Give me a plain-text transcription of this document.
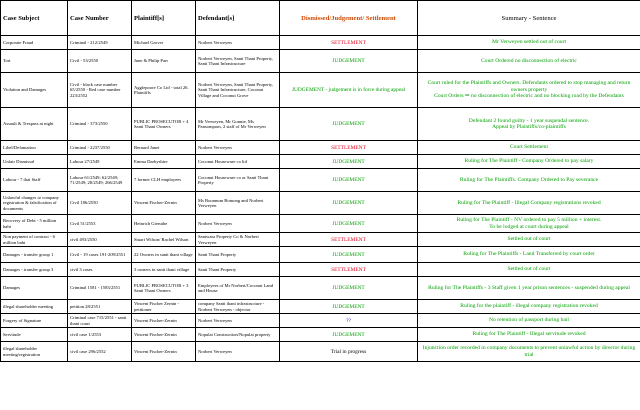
Case Subject	Case Number	Plaintiff[s]	Defendant[s]	Dismissed/Judgement/ Settlement	Summary - Sentence
Corporate Fraud	Criminal - 212/2549	Michael Grover	Norbert Verweyen	SETTLEMENT	Mr Verweyen settled out of court
Tort	Civil - 53/2550	June & Philip Parr	Norbert Verweyen, Santi Thani Property, Santi Thani Infrastructure	JUDGEMENT	Court Ordered no disconnection of electric
Violation and Damages	Civil - black case number 65/2550 - Red case number 223/2552	Agglepoore Co Ltd - total 26. Plaintiffs	Norbert Verweyen, Santi Thani Property, Santi Thani Infrastructure, Coconut Village and Coconut Grove	JUDGEMENT - judgement is in force during appeal	Court ruled for the Plaintiffs and Owners. Defendants ordered to stop managing and return owners property
Court Orders ⇒ no disconnection of electric and no blocking road by the Defendants
Assault & Trespass at night	Criminal - 373/2550	PUBLIC PROSECUTOR + 4 Santi Thani Owners	Mr Verweyen, Mr Gonnie, Ms Pansompom, 2 staff of Mr Verweyen	JUDGEMENT	Defendant 2 found guilty - 1 year suspendal sentence.
Appeal by Plaintiffs/co-plaintiffs
Libel/Defamation	Criminal - 2237/2550	Bernard Janet	Norbert Verweyen	SETTLEMENT	Court Settlement
Unfair Dismissal	Labour 27/2549	Emma Darbyshire	Coconut Houseware co ltd	JUDGEMENT	Ruling for The Plaintiff - Company Ordered to pay salary
Labour - 7 thai Staff	Labour 61/2549; 62/2549; 71/2549; 28/2549; 266/2549	7 former CLH employees	Coconut Houseware co or Santi Thani Property	JUDGEMENT	Ruling for The Plaintiffs. Company Ordered to Pay severance
Unlawful changes to company registration & falsification of documents	Civil 186/2550	Vincent Fischer-Zernin	Ms Boonnum Bomong and Norbert Verweyen	JUDGEMENT	Ruling for The Plaintiff - Illegal Company registrations revoked
Recovery of Debt - 5 million baht	Civil 51/2553	Heinrich Gieruthe	Norbert Verweyen	JUDGEMENT	Ruling for The Plaintiff - NV ordered to pay 5 million + interest.
To be lodged at court during appeal
Non payment of contract - 6 million baht	civil 493/2550	Stuart Wilson/ Rachel Wilson	Santwara Property Co & Norbert Verweyen	SETTLEMENT	Settled out of court
Damages - transfer group 1	Civil - 19 cases 191-209/2551	22 Owners in santi thani village	Santi Thani Property	JUDGEMENT	Ruling for The Plaintiffs - Land Transferred by court order
Damages - transfer group 3	civil 3 cases	3 owners in santi thani village	Santi Thani Property	SETTLEMENT	Settled out of court
Damages	Criminal 1581 - 1583/2551	PUBLIC PROSECUTOR + 3 Santi Thani Owners	Employees of Mr Norbert/Coconut Land and House	JUDGEMENT	Ruling for The Plaintiffs - 3 Staff given 1 year prison sentences - suspended during appeal
illegal shareholder meeting	petition 28/2551	Vincent Fischer Zernin - petitioner	company Santi thani infrastructure - Norbert Verweyen - objector	JUDGEMENT	Ruling for the plaintiff - illegal company registration revoked
Forgery of Signature	Criminal case 715/2551 - santi thani court	Vincent Fischer-Zernin	Norbert Verweyen	??	No retention of passport during bail
Servitude	civil case 1/2553	Vincent Fischer-Zernin	Nopulai Construction/Nopulai property	JUDGEMENT	Ruling for The Plaintiff - Illegal servitude revoked
illegal shareholder meeting/registration	civil case 296/2552	Vincent Fischer-Zernin	Norbert Verweyen	Trial in progress	Injunction order recorded in company documents to prevent unlawful action by director during trial
